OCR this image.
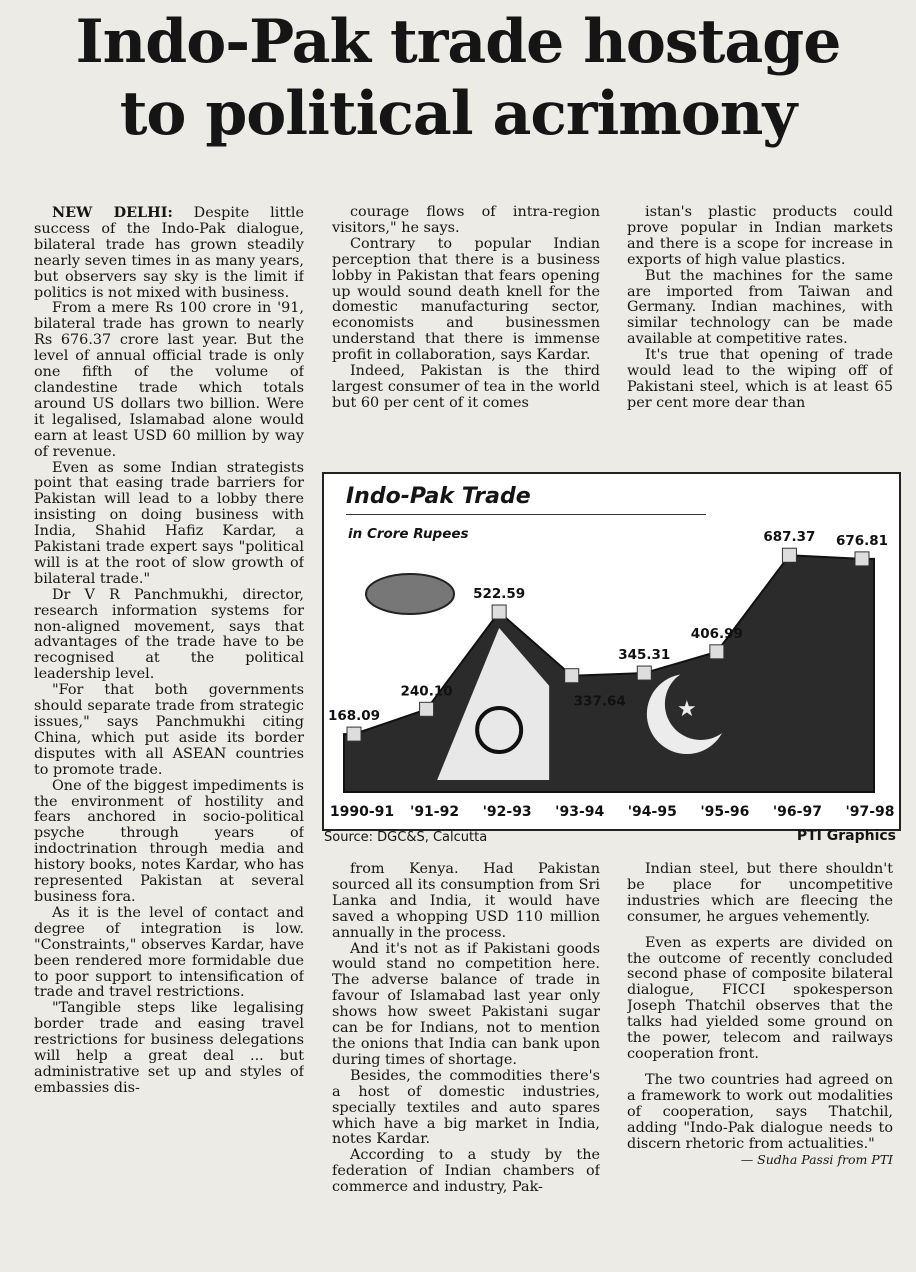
Indo-Pak trade hostage
to political acrimony

NEW DELHI: Despite little success of the Indo-Pak dialogue, bilateral trade has grown steadily nearly seven times in as many years, but observers say sky is the limit if politics is not mixed with business.

From a mere Rs 100 crore in '91, bilateral trade has grown to nearly Rs 676.37 crore last year. But the level of annual official trade is only one fifth of the volume of clandestine trade which totals around US dollars two billion. Were it legalised, Islamabad alone would earn at least USD 60 million by way of revenue.

Even as some Indian strategists point that easing trade barriers for Pakistan will lead to a lobby there insisting on doing business with India, Shahid Hafiz Kardar, a Pakistani trade expert says "political will is at the root of slow growth of bilateral trade."

Dr V R Panchmukhi, director, research information systems for non-aligned movement, says that advantages of the trade have to be recognised at the political leadership level.

"For that both governments should separate trade from strategic issues," says Panchmukhi citing China, which put aside its border disputes with all ASEAN countries to promote trade.

One of the biggest impediments is the environment of hostility and fears anchored in socio-political psyche through years of indoctrination through media and history books, notes Kardar, who has represented Pakistan at several business fora.

As it is the level of contact and degree of integration is low. "Constraints," observes Kardar, have been rendered more formidable due to poor support to intensification of trade and travel restrictions.

"Tangible steps like legalising border trade and easing travel restrictions for business delegations will help a great deal ... but administrative set up and styles of embassies dis-

courage flows of intra-region visitors," he says.

Contrary to popular Indian perception that there is a business lobby in Pakistan that fears opening up would sound death knell for the domestic manufacturing sector, economists and businessmen understand that there is immense profit in collaboration, says Kardar.

Indeed, Pakistan is the third largest consumer of tea in the world but 60 per cent of it comes

istan's plastic products could prove popular in Indian markets and there is a scope for increase in exports of high value plastics.

But the machines for the same are imported from Taiwan and Germany. Indian machines, with similar technology can be made available at competitive rates.

It's true that opening of trade would lead to the wiping off of Pakistani steel, which is at least 65 per cent more dear than

★
168.09
240.10
522.59
337.64
345.31
406.99
687.37 676.81
1990-91 '91-92 '92-93 '93-94 '94-95 '95-96 '96-97 '97-98
Indo-Pak Trade
in Crore Rupees
Source: DGC&S, Calcutta	PTI Graphics

from Kenya. Had Pakistan sourced all its consumption from Sri Lanka and India, it would have saved a whopping USD 110 million annually in the process.

And it's not as if Pakistani goods would stand no competition here. The adverse balance of trade in favour of Islamabad last year only shows how sweet Pakistani sugar can be for Indians, not to mention the onions that India can bank upon during times of shortage.

Besides, the commodities there's a host of domestic industries, specially textiles and auto spares which have a big market in India, notes Kardar.

According to a study by the federation of Indian chambers of commerce and industry, Pak-

Indian steel, but there shouldn't be place for uncompetitive industries which are fleecing the consumer, he argues vehemently.

Even as experts are divided on the outcome of recently concluded second phase of composite bilateral dialogue, FICCI spokesperson Joseph Thatchil observes that the talks had yielded some ground on the power, telecom and railways cooperation front.

The two countries had agreed on a framework to work out modalities of cooperation, says Thatchil, adding "Indo-Pak dialogue needs to discern rhetoric from actualities."

— Sudha Passi from PTI
